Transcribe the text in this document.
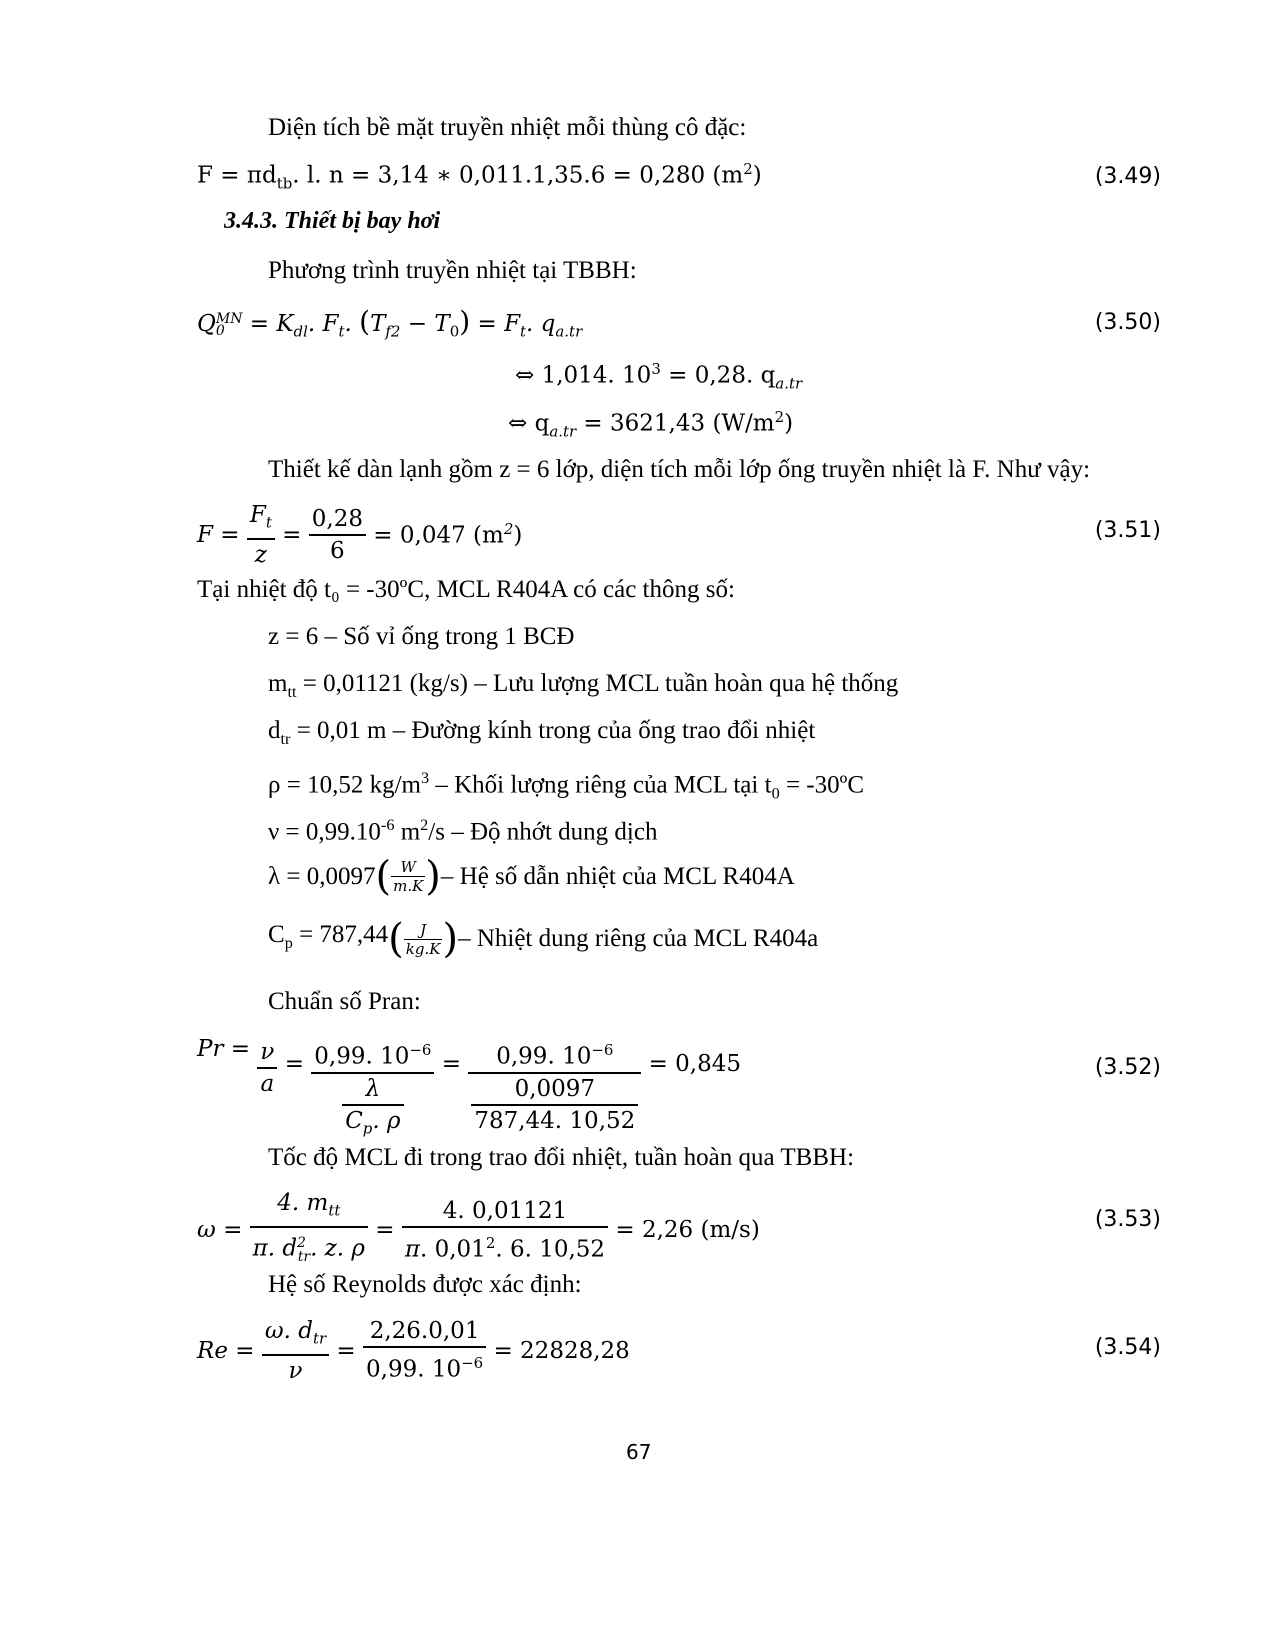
Diện tích bề mặt truyền nhiệt mỗi thùng cô đặc:
$F = \pi d_{tb}$. l. n = 3,14 ∗ 0,011.1,35.6 = 0,280 $(m^2)$	(3.49)
3.4.3. Thiết bị bay hơi
Phương trình truyền nhiệt tại TBBH:
Q MN
0	= $K_{dl}$. $F_t$. $(T_{f2} - T_0) = F_t$. $q_{a.tr}$	(3.50)
⇔ 1,014. $10^3 = 0,28$. $q_{a.tr}$
⇔ $q_{a.tr} = 3621,43$ $(W/m^2)$
Thiết kế dàn lạnh gồm z = 6 lớp, diện tích mỗi lớp ống truyền nhiệt là F. Như vậy:
$F = \frac{F_t}{z} = \frac{0,28}{6} = 0,047$ $(m^2)$	(3.51)
Tại nhiệt độ t₀ = -30ºC, MCL R404A có các thông số:
z = 6 – Số vỉ ống trong 1 BCĐ
$m_{tt} = 0,01121$ (kg/s) – Lưu lượng MCL tuần hoàn qua hệ thống
$d_{tr} = 0,01$ m – Đường kính trong của ống trao đổi nhiệt
ρ = 10,52 $kg/m^3$ – Khối lượng riêng của MCL tại $t_0$ = -30ºC
$\nu = 0,99.10^{-6}$ $m^2/s$ – Độ nhớt dung dịch
$\lambda = 0,0097( \frac{W}{m.K}$ )– Hệ số dẫn nhiệt của MCL R404A
$C_p = 787,44( \frac{J}{kg.K}$ )– Nhiệt dung riêng của MCL R404a
Chuẩn số Pran:
$Pr = \frac{\nu}{a} = \frac{0,99. 10^{-6}}{\frac{\lambda}{C_p. \rho}} = \frac{0,99. 10^{-6}}{\frac{0,0097}{787,44. 10,52}} = 0,845$	(3.52)
Tốc độ MCL đi trong trao đổi nhiệt, tuần hoàn qua TBBH:
$\omega = \frac{4. m_{tt}}{\pi. d^2_{tr}. z. \rho} = \frac{4. 0,01121}{\pi. 0,01^2. 6. 10,52} = 2,26$ (m/s)	(3.53)
Hệ số Reynolds được xác định:
$Re = \frac{\omega. d_{tr}}{\nu} = \frac{2,26.0,01}{0,99. 10^{-6}} = 22828,28$	(3.54)
67
